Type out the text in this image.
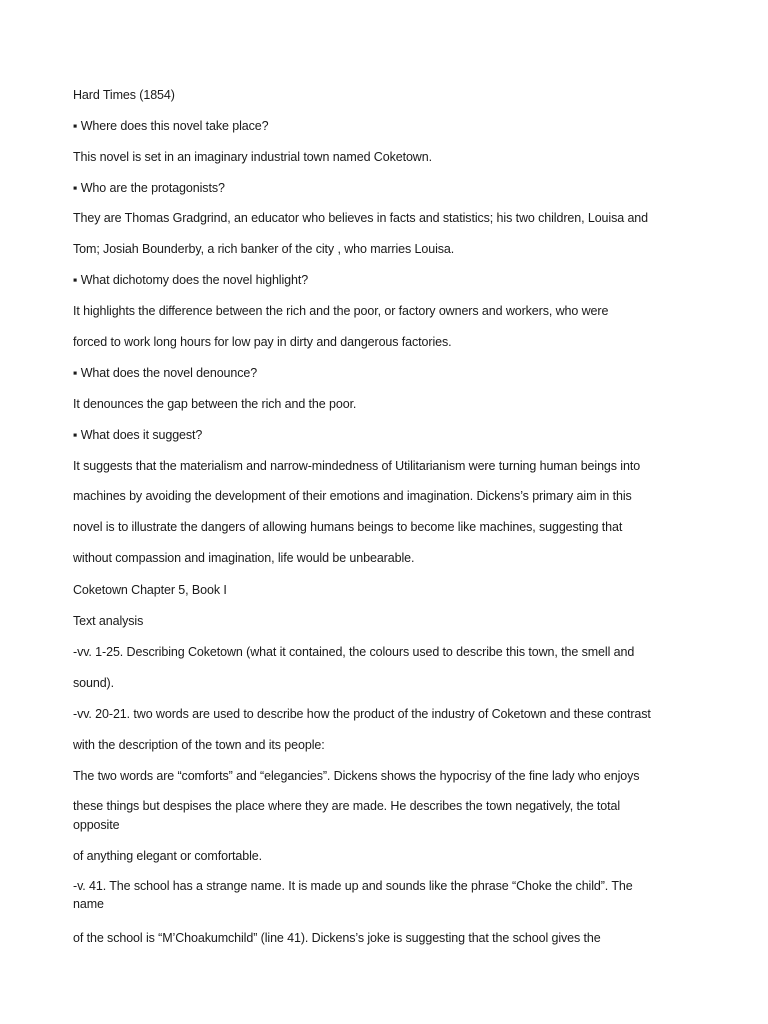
Hard Times (1854)
▪ Where does this novel take place?
This novel is set in an imaginary industrial town named Coketown.
▪ Who are the protagonists?
They are Thomas Gradgrind, an educator who believes in facts and statistics; his two children, Louisa and
Tom; Josiah Bounderby, a rich banker of the city , who marries Louisa.
▪ What dichotomy does the novel highlight?
It highlights the difference between the rich and the poor, or factory owners and workers, who were
forced to work long hours for low pay in dirty and dangerous factories.
▪ What does the novel denounce?
It denounces the gap between the rich and the poor.
▪ What does it suggest?
It suggests that the materialism and narrow-mindedness of Utilitarianism were turning human beings into
machines by avoiding the development of their emotions and imagination. Dickens’s primary aim in this
novel is to illustrate the dangers of allowing humans beings to become like machines, suggesting that
without compassion and imagination, life would be unbearable.
Coketown Chapter 5, Book I
Text analysis
-vv. 1-25. Describing Coketown (what it contained, the colours used to describe this town, the smell and
sound).
-vv. 20-21. two words are used to describe how the product of the industry of Coketown and these contrast
with the description of the town and its people:
The two words are “comforts” and “elegancies”. Dickens shows the hypocrisy of the fine lady who enjoys
these things but despises the place where they are made. He describes the town negatively, the total
opposite
of anything elegant or comfortable.
-v. 41. The school has a strange name. It is made up and sounds like the phrase “Choke the child”. The
name
of the school is “M’Choakumchild” (line 41). Dickens’s joke is suggesting that the school gives the
